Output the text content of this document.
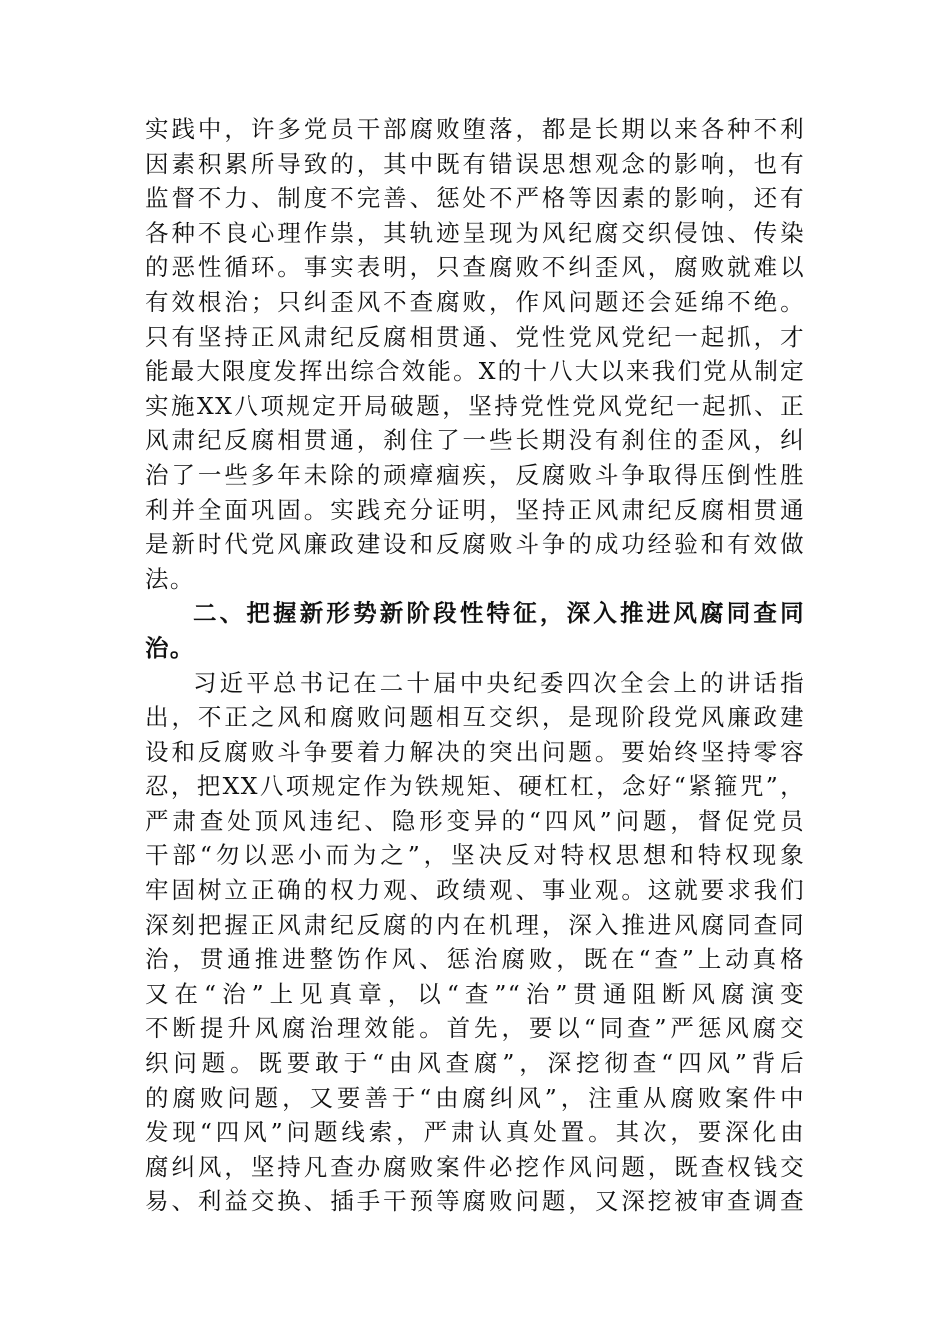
实践中，许多党员干部腐败堕落，都是长期以来各种不利
因素积累所导致的，其中既有错误思想观念的影响，也有
监督不力、制度不完善、惩处不严格等因素的影响，还有
各种不良心理作祟，其轨迹呈现为风纪腐交织侵蚀、传染
的恶性循环。事实表明，只查腐败不纠歪风，腐败就难以
有效根治；只纠歪风不查腐败，作风问题还会延绵不绝。
只有坚持正风肃纪反腐相贯通、党性党风党纪一起抓，才
能最大限度发挥出综合效能。X的十八大以来我们党从制定
实施XX八项规定开局破题，坚持党性党风党纪一起抓、正
风肃纪反腐相贯通，刹住了一些长期没有刹住的歪风，纠
治了一些多年未除的顽瘴痼疾，反腐败斗争取得压倒性胜
利并全面巩固。实践充分证明，坚持正风肃纪反腐相贯通
是新时代党风廉政建设和反腐败斗争的成功经验和有效做
法。
二、把握新形势新阶段性特征，深入推进风腐同查同
治。
习近平总书记在二十届中央纪委四次全会上的讲话指
出，不正之风和腐败问题相互交织，是现阶段党风廉政建
设和反腐败斗争要着力解决的突出问题。要始终坚持零容
忍，把XX八项规定作为铁规矩、硬杠杠，念好“紧箍咒”，
严肃查处顶风违纪、隐形变异的“四风”问题，督促党员
干部“勿以恶小而为之”，坚决反对特权思想和特权现象
牢固树立正确的权力观、政绩观、事业观。这就要求我们
深刻把握正风肃纪反腐的内在机理，深入推进风腐同查同
治，贯通推进整饬作风、惩治腐败，既在“查”上动真格
又在“治”上见真章，以“查”“治”贯通阻断风腐演变
不断提升风腐治理效能。首先，要以“同查”严惩风腐交
织问题。既要敢于“由风查腐”，深挖彻查“四风”背后
的腐败问题，又要善于“由腐纠风”，注重从腐败案件中
发现“四风”问题线索，严肃认真处置。其次，要深化由
腐纠风，坚持凡查办腐败案件必挖作风问题，既查权钱交
易、利益交换、插手干预等腐败问题，又深挖被审查调查
